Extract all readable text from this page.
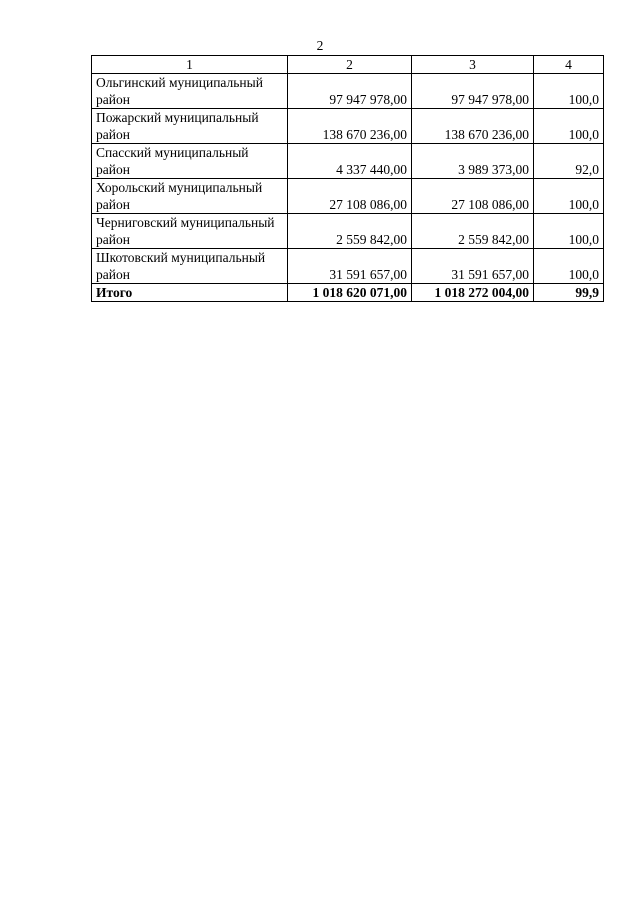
2
1	2	3	4
Ольгинский муниципальный район	97 947 978,00	97 947 978,00	100,0
Пожарский муниципальный район	138 670 236,00	138 670 236,00	100,0
Спасский муниципальный район	4 337 440,00	3 989 373,00	92,0
Хорольский муниципальный район	27 108 086,00	27 108 086,00	100,0
Черниговский муниципальный район	2 559 842,00	2 559 842,00	100,0
Шкотовский муниципальный район	31 591 657,00	31 591 657,00	100,0
Итого	1 018 620 071,00	1 018 272 004,00	99,9
